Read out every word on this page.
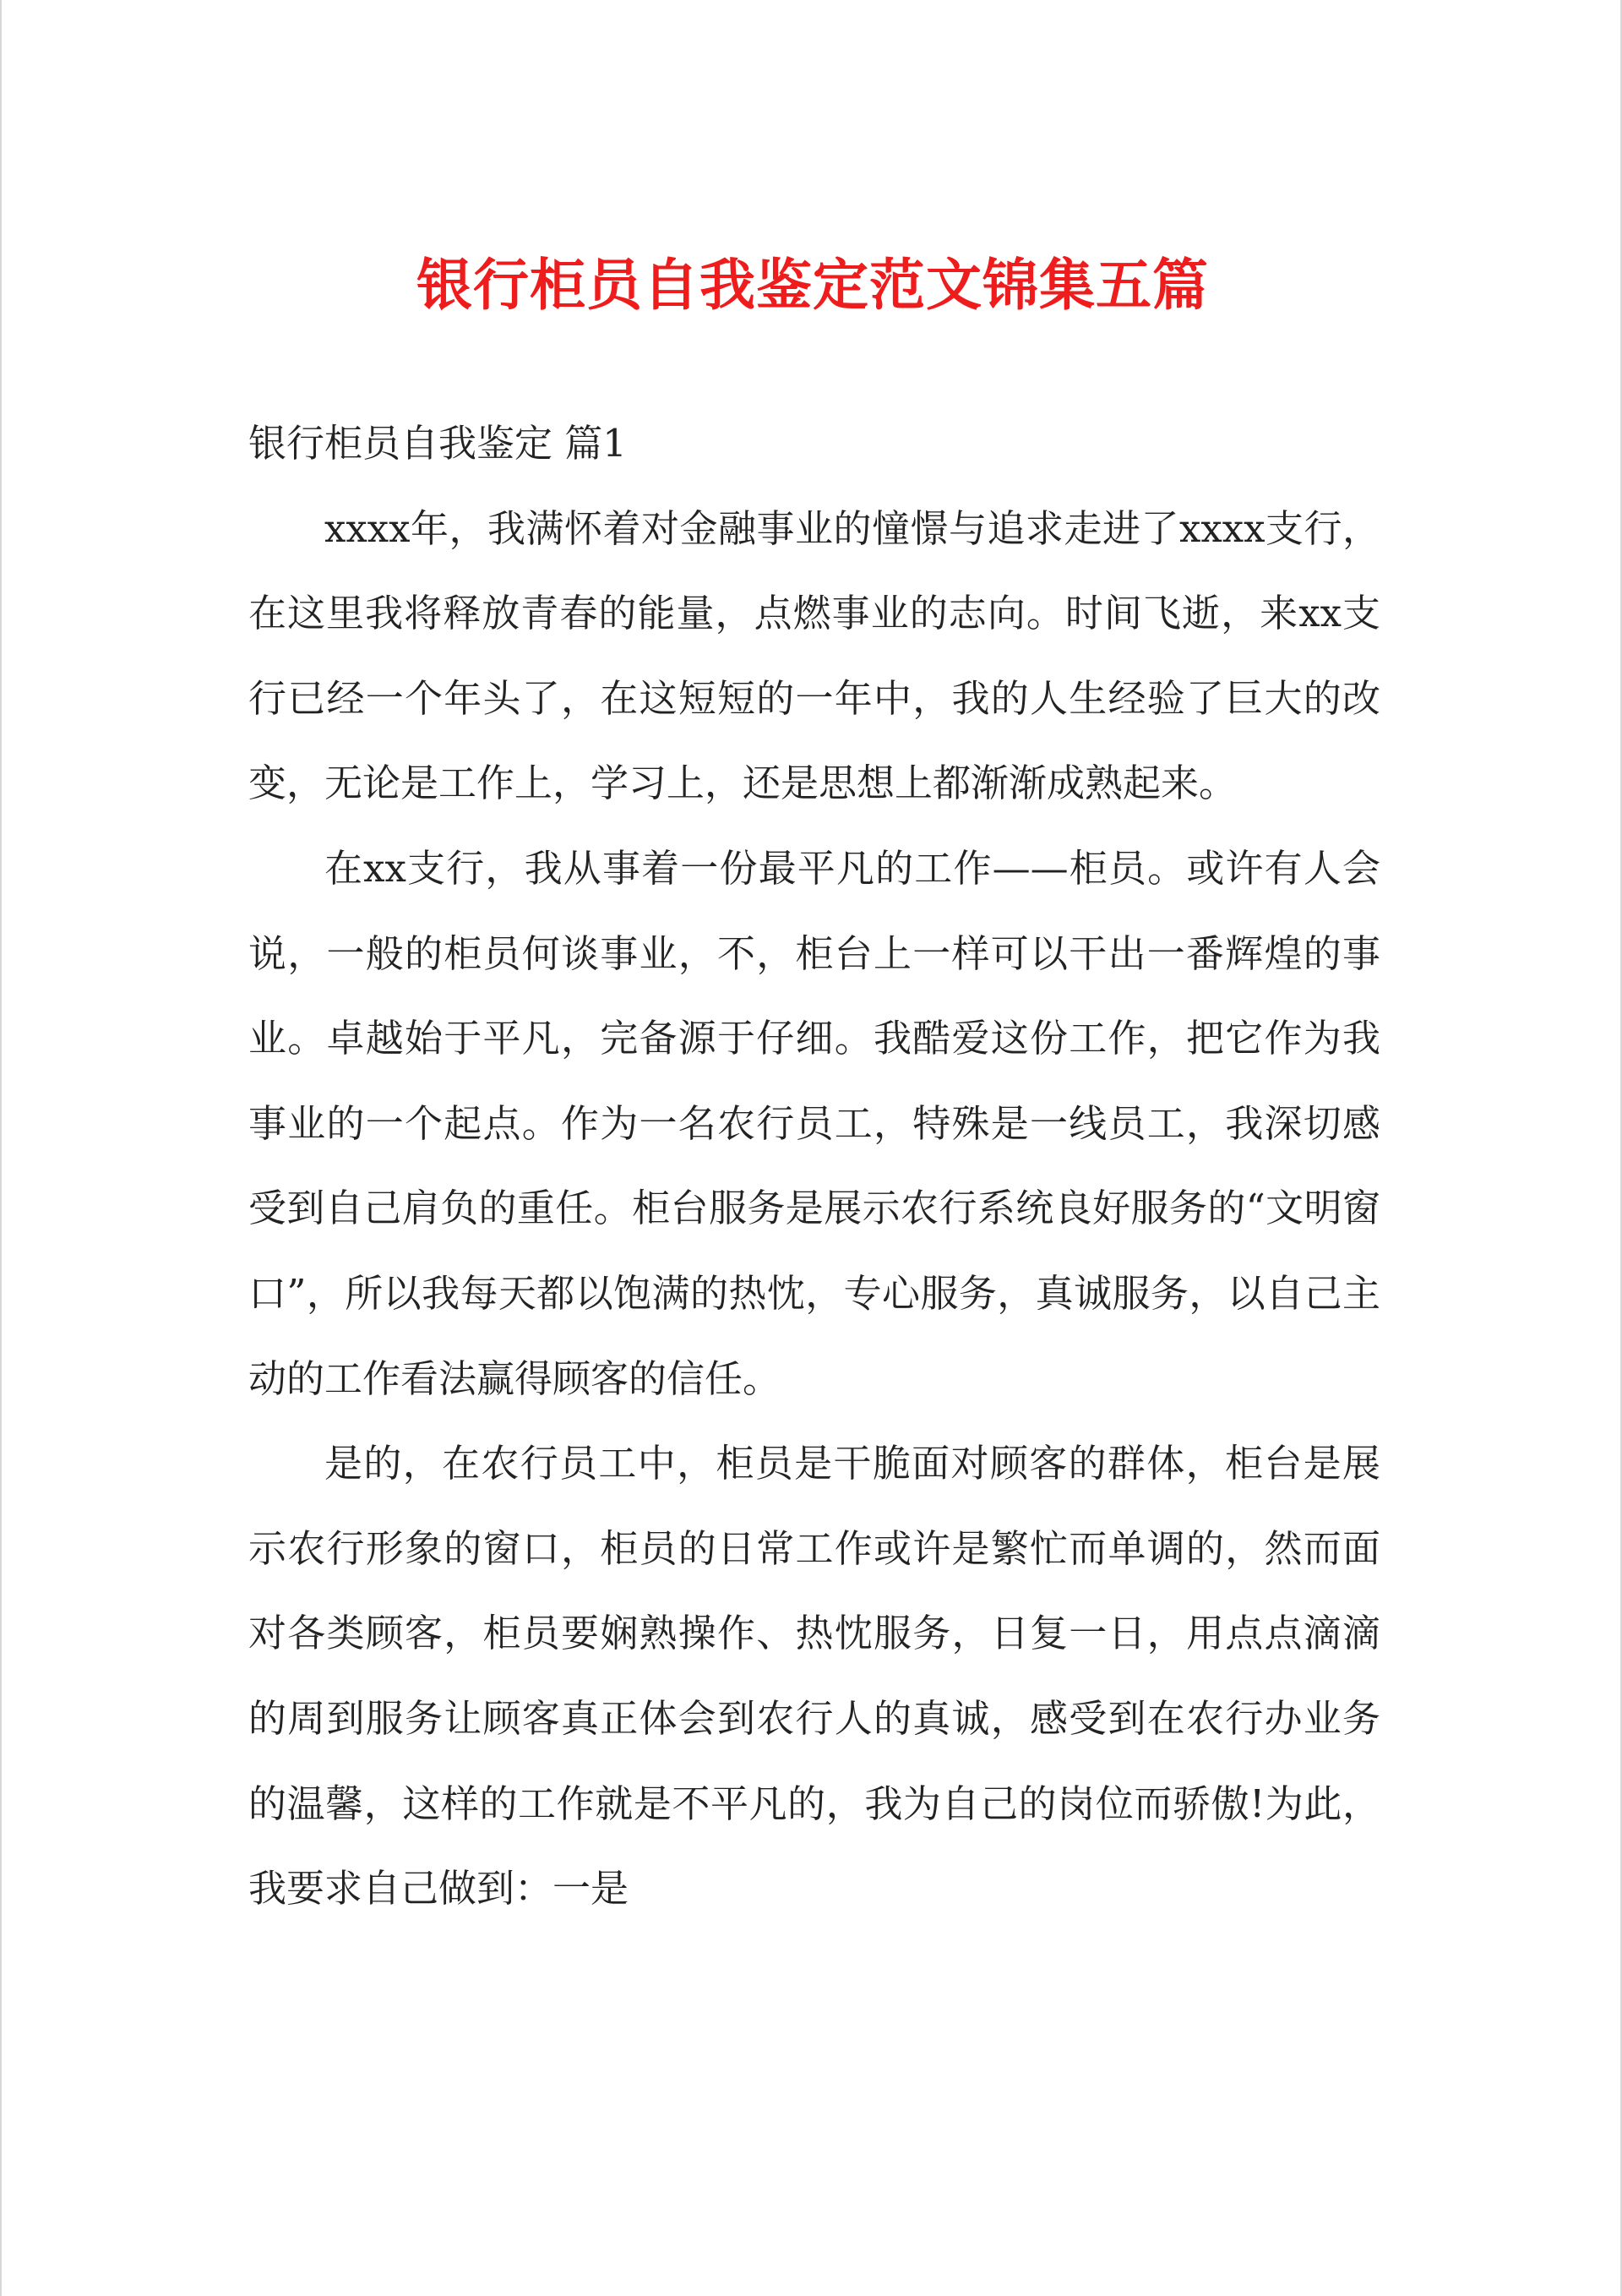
银行柜员自我鉴定范文锦集五篇
银行柜员自我鉴定 篇1

xxxx年，我满怀着对金融事业的憧憬与追求走进了xxxx支行，在这里我将释放青春的能量，点燃事业的志向。时间飞逝，来xx支行已经一个年头了，在这短短的一年中，我的人生经验了巨大的改变，无论是工作上，学习上，还是思想上都渐渐成熟起来。

在xx支行，我从事着一份最平凡的工作——柜员。或许有人会说，一般的柜员何谈事业，不，柜台上一样可以干出一番辉煌的事业。卓越始于平凡，完备源于仔细。我酷爱这份工作，把它作为我事业的一个起点。作为一名农行员工，特殊是一线员工，我深切感受到自己肩负的重任。柜台服务是展示农行系统良好服务的“文明窗口”，所以我每天都以饱满的热忱，专心服务，真诚服务，以自己主动的工作看法赢得顾客的信任。

是的，在农行员工中，柜员是干脆面对顾客的群体，柜台是展示农行形象的窗口，柜员的日常工作或许是繁忙而单调的，然而面对各类顾客，柜员要娴熟操作、热忱服务，日复一日，用点点滴滴的周到服务让顾客真正体会到农行人的真诚，感受到在农行办业务的温馨，这样的工作就是不平凡的，我为自己的岗位而骄傲!为此，我要求自己做到：一是
